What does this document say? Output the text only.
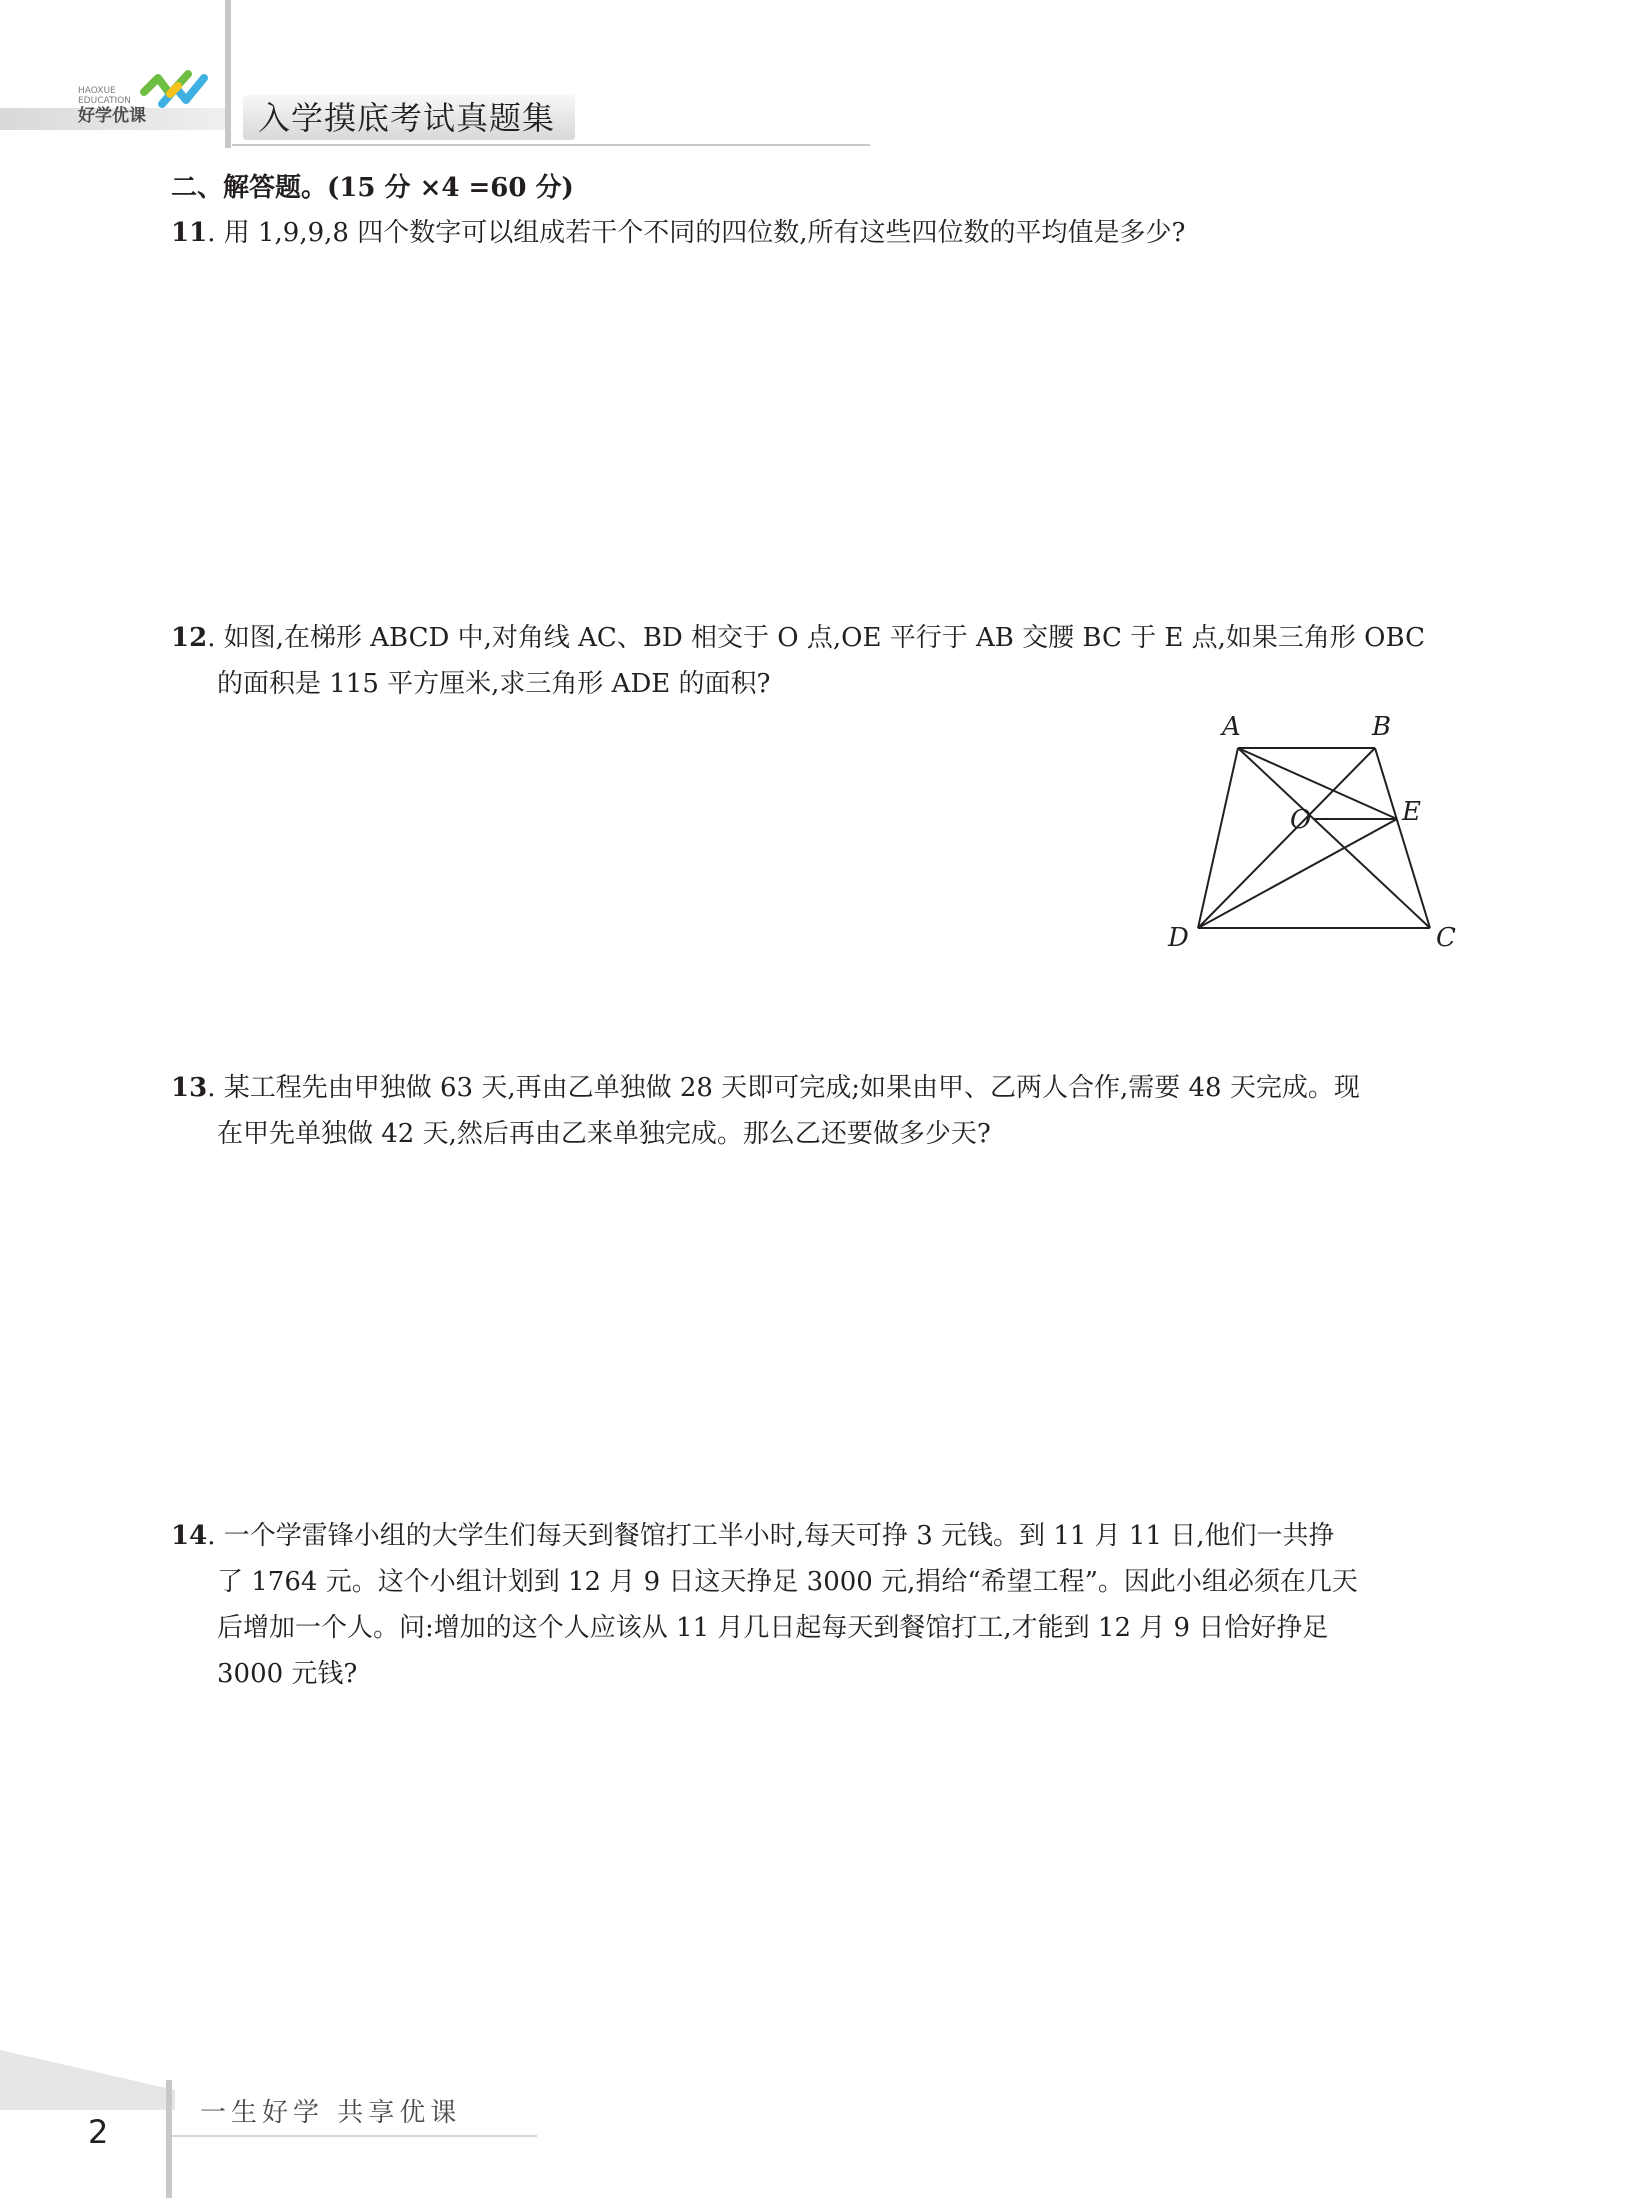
HAOXUE
EDUCATION
好学优课	入学摸底考试真题集
二、解答题。(15 分 ×4 =60 分)
11. 用 1,9,9,8 四个数字可以组成若干个不同的四位数,所有这些四位数的平均值是多少?
12. 如图,在梯形 ABCD 中,对角线 AC、BD 相交于 O 点,OE 平行于 AB 交腰 BC 于 E 点,如果三角形 OBC
的面积是 115 平方厘米,求三角形 ADE 的面积?
A	B
O	E
D	C
13. 某工程先由甲独做 63 天,再由乙单独做 28 天即可完成;如果由甲、乙两人合作,需要 48 天完成。现
在甲先单独做 42 天,然后再由乙来单独完成。那么乙还要做多少天?
14. 一个学雷锋小组的大学生们每天到餐馆打工半小时,每天可挣 3 元钱。到 11 月 11 日,他们一共挣
了 1764 元。这个小组计划到 12 月 9 日这天挣足 3000 元,捐给“希望工程”。因此小组必须在几天
后增加一个人。问:增加的这个人应该从 11 月几日起每天到餐馆打工,才能到 12 月 9 日恰好挣足
3000 元钱?
一生好学 共享优课
2
